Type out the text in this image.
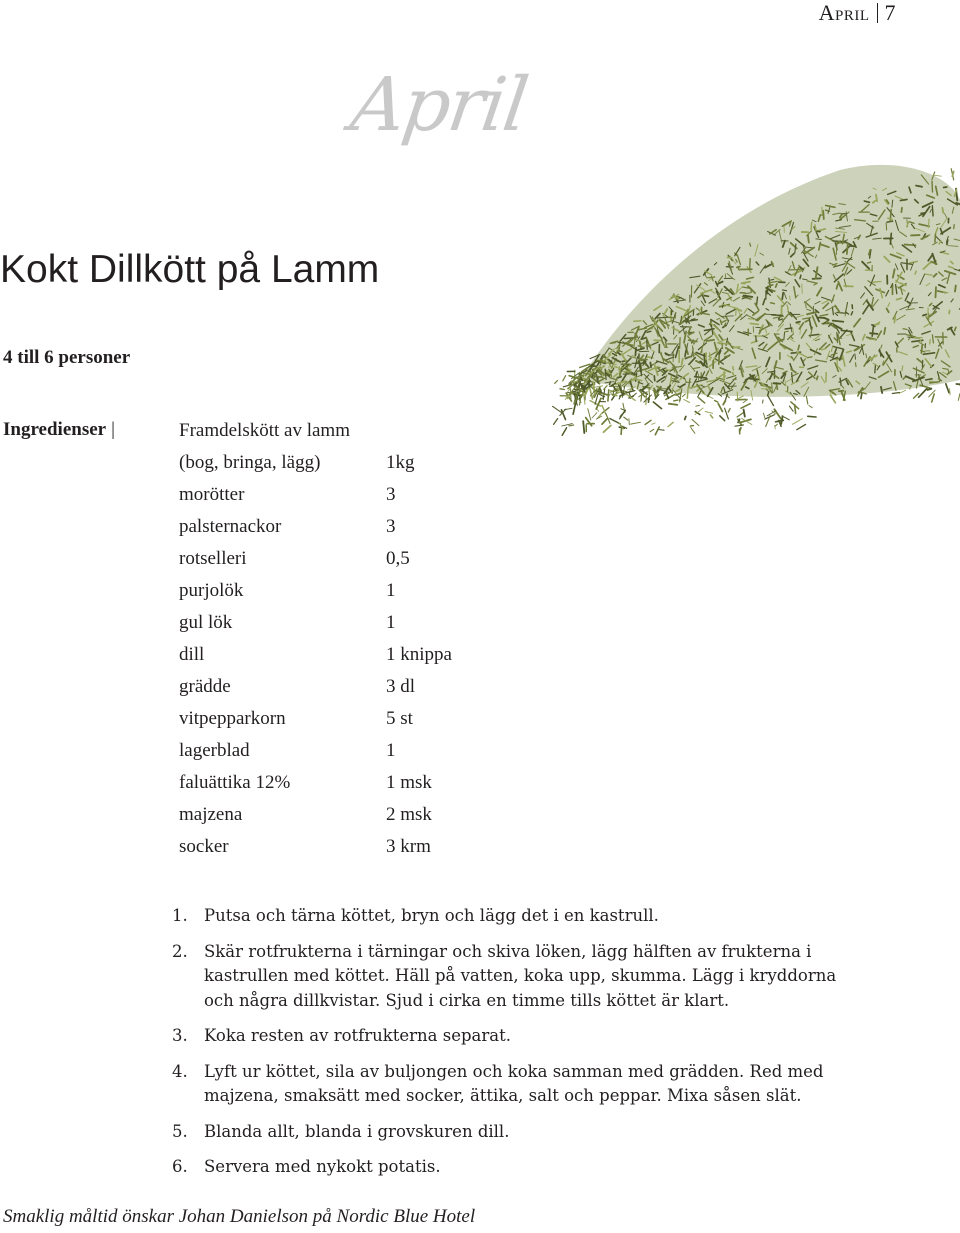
April 7
April
Kokt Dillkött på Lamm
4 till 6 personer
Ingredienser |	Framdelskött av lamm
(bog, bringa, lägg)	1kg
morötter	3
palsternackor	3
rotselleri	0,5
purjolök	1
gul lök	1
dill	1 knippa
grädde	3 dl
vitpepparkorn	5 st
lagerblad	1
faluättika 12%	1 msk
majzena	2 msk
socker	3 krm
1. Putsa och tärna köttet, bryn och lägg det i en kastrull.
2. Skär rotfrukterna i tärningar och skiva löken, lägg hälften av frukterna i kastrullen med köttet. Häll på vatten, koka upp, skumma. Lägg i kryddorna och några dillkvistar. Sjud i cirka en timme tills köttet är klart.
3. Koka resten av rotfrukterna separat.
4. Lyft ur köttet, sila av buljongen och koka samman med grädden. Red med majzena, smaksätt med socker, ättika, salt och peppar. Mixa såsen slät.
5. Blanda allt, blanda i grovskuren dill.
6. Servera med nykokt potatis.
Smaklig måltid önskar Johan Danielson på Nordic Blue Hotel
